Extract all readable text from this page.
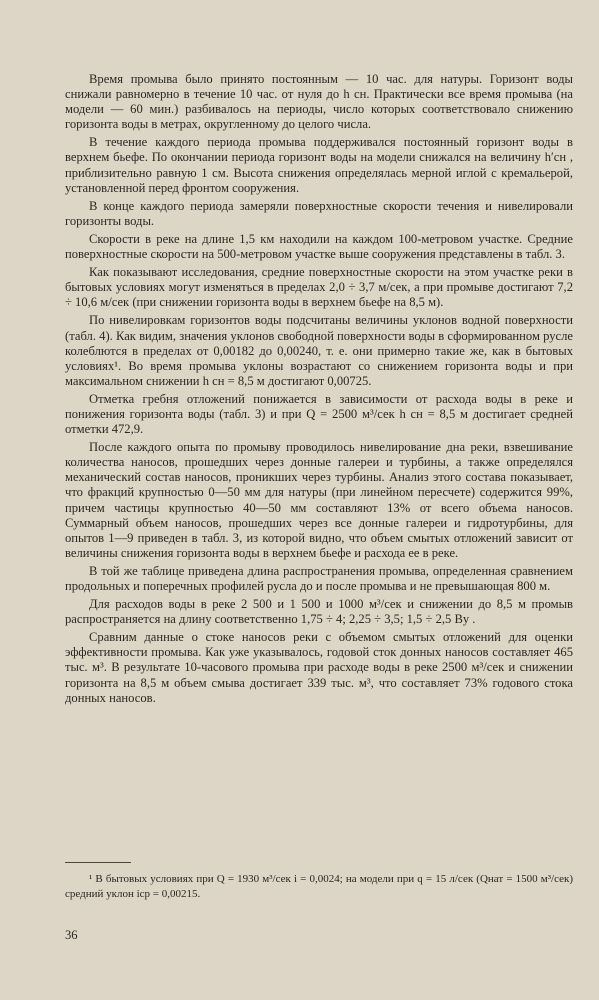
Время промыва было принято постоянным — 10 час. для натуры. Горизонт воды снижали равномерно в течение 10 час. от нуля до h сн. Практически все время промыва (на модели — 60 мин.) разбивалось на периоды, число которых соответствовало снижению горизонта воды в метрах, округленному до целого числа.

В течение каждого периода промыва поддерживался постоянный горизонт воды в верхнем бьефе. По окончании периода горизонт воды на модели снижался на величину h′сн , приблизительно равную 1 см. Высота снижения определялась мерной иглой с кремальерой, установленной перед фронтом сооружения.

В конце каждого периода замеряли поверхностные скорости течения и нивелировали горизонты воды.

Скорости в реке на длине 1,5 км находили на каждом 100-метровом участке. Средние поверхностные скорости на 500-метровом участке выше сооружения представлены в табл. 3.

Как показывают исследования, средние поверхностные скорости на этом участке реки в бытовых условиях могут изменяться в пределах 2,0 ÷ 3,7 м/сек, а при промыве достигают 7,2 ÷ 10,6 м/сек (при снижении горизонта воды в верхнем бьефе на 8,5 м).

По нивелировкам горизонтов воды подсчитаны величины уклонов водной поверхности (табл. 4). Как видим, значения уклонов свободной поверхности воды в сформированном русле колеблются в пределах от 0,00182 до 0,00240, т. е. они примерно такие же, как в бытовых условиях¹. Во время промыва уклоны возрастают со снижением горизонта воды и при максимальном снижении h сн = 8,5 м достигают 0,00725.

Отметка гребня отложений понижается в зависимости от расхода воды в реке и понижения горизонта воды (табл. 3) и при Q = 2500 м³/сек h сн = 8,5 м достигает средней отметки 472,9.

После каждого опыта по промыву проводилось нивелирование дна реки, взвешивание количества наносов, прошедших через донные галереи и турбины, а также определялся механический состав наносов, проникших через турбины. Анализ этого состава показывает, что фракций крупностью 0—50 мм для натуры (при линейном пересчете) содержится 99%, причем частицы крупностью 40—50 мм составляют 13% от всего объема наносов. Суммарный объем наносов, прошедших через все донные галереи и гидротурбины, для опытов 1—9 приведен в табл. 3, из которой видно, что объем смытых отложений зависит от величины снижения горизонта воды в верхнем бьефе и расхода ее в реке.

В той же таблице приведена длина распространения промыва, определенная сравнением продольных и поперечных профилей русла до и после промыва и не превышающая 800 м.

Для расходов воды в реке 2 500 и 1 500 и 1000 м³/сек и снижении до 8,5 м промыв распространяется на длину соответственно 1,75 ÷ 4; 2,25 ÷ 3,5; 1,5 ÷ 2,5 By .

Сравним данные о стоке наносов реки с объемом смытых отложений для оценки эффективности промыва. Как уже указывалось, годовой сток донных наносов составляет 465 тыс. м³. В результате 10-часового промыва при расходе воды в реке 2500 м³/сек и снижении горизонта на 8,5 м объем смыва достигает 339 тыс. м³, что составляет 73% годового стока донных наносов.

¹ В бытовых условиях при Q = 1930 м³/сек i = 0,0024; на модели при q = 15 л/сек (Qнат = 1500 м³/сек) средний уклон iср = 0,00215.

36
